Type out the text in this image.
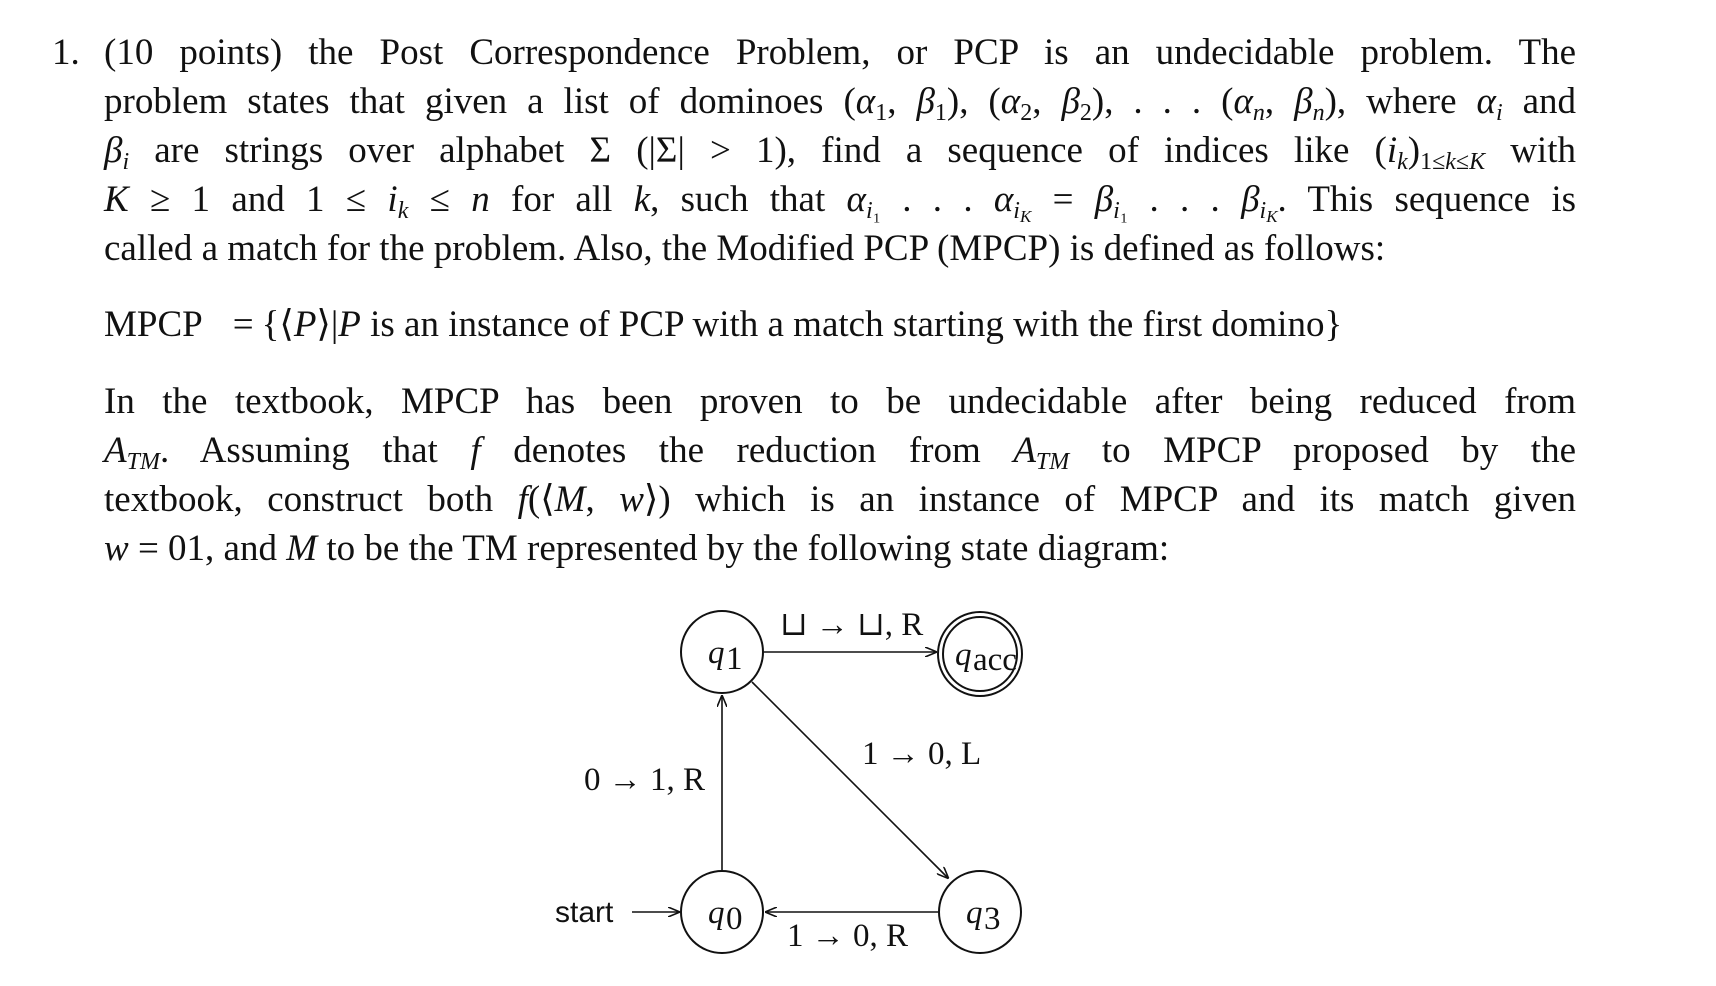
1. (10 points) the Post Correspondence Problem, or PCP is an undecidable problem. The
problem states that given a list of dominoes ($\alpha_1$, $\beta_1$), ($\alpha_2$, $\beta_2$), . . . ($\alpha_n$, $\beta_n$), where $\alpha_i$ and
$\beta_i$ are strings over alphabet Σ (|Σ| > 1), find a sequence of indices like $(i_k)_{1\le k\le K}$ with
K ≥ 1 and $1 \le i_k \le n$ for all k, such that $\alpha_{i_1}$ . . . $\alpha_{i_K} = \beta_{i_1}$ . . . $\beta_{i_K}$. This sequence is
called a match for the problem. Also, the Modified PCP (MPCP) is defined as follows:
MPCP = {⟨P⟩|P is an instance of PCP with a match starting with the first domino}
In the textbook, MPCP has been proven to be undecidable after being reduced from
$A_{TM}$. Assuming that f denotes the reduction from $A_{TM}$ to MPCP proposed by the
textbook, construct both f(⟨M, w⟩) which is an instance of MPCP and its match given
w = 01, and M to be the TM represented by the following state diagram:
q 1	q acc
q 0	q 3
start
⊔ → ⊔, R
0 → 1, R
1 → 0, L
1 → 0, R
